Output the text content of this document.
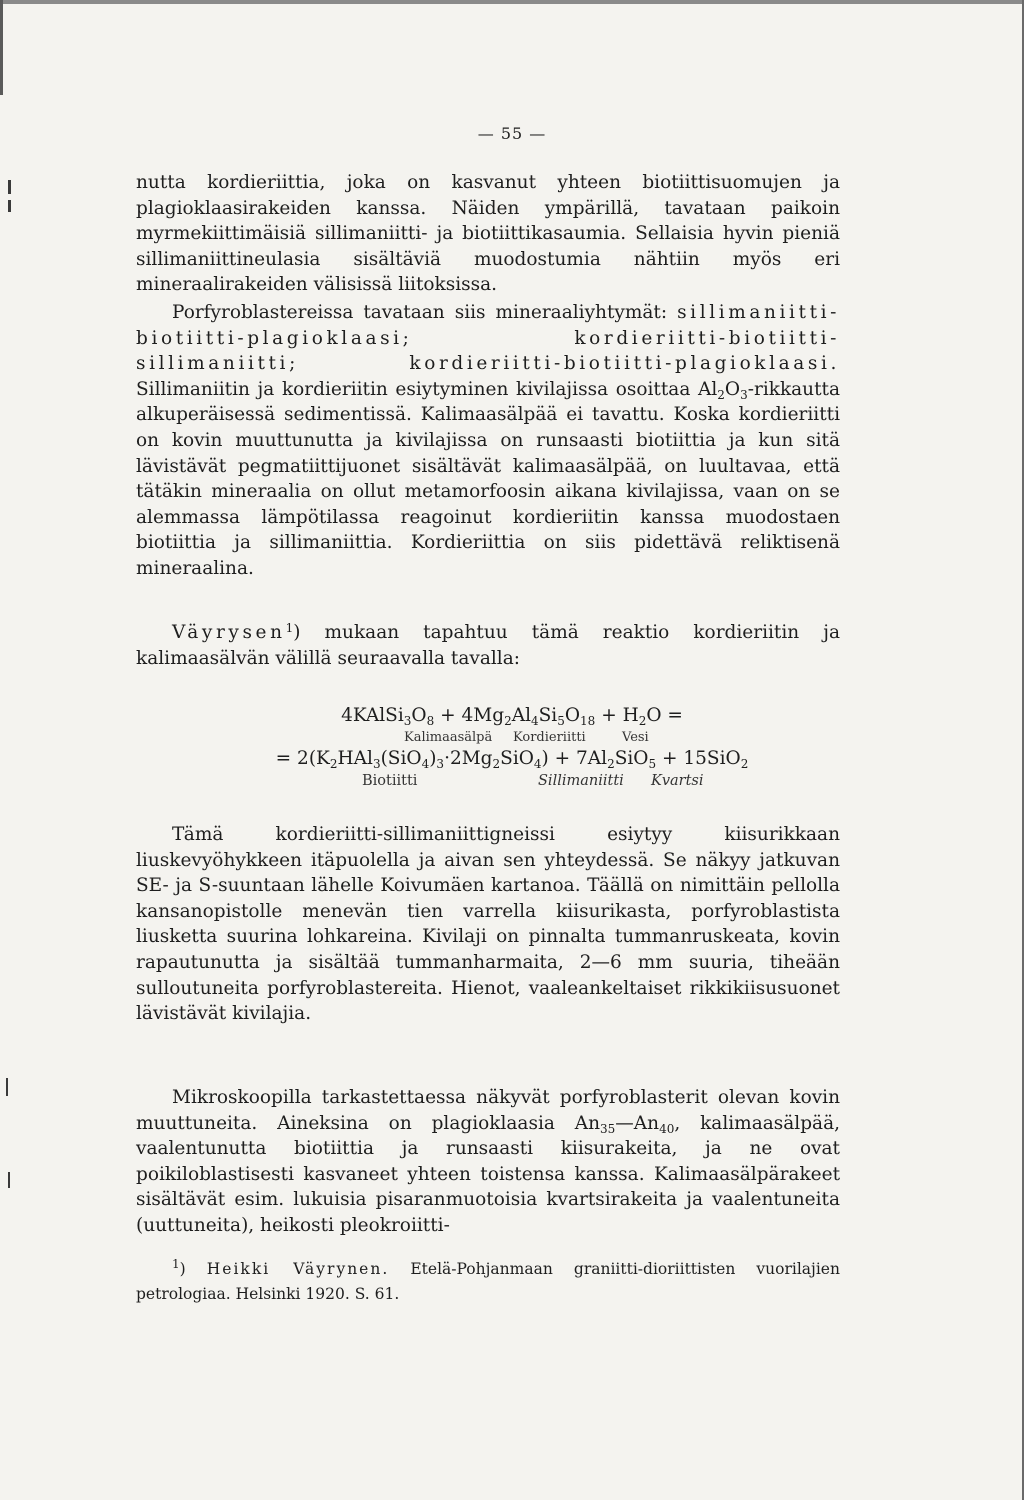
— 55 —

nutta kordieriittia, joka on kasvanut yhteen biotiittisuomujen ja plagioklaasirakeiden kanssa. Näiden ympärillä, tavataan paikoin myrmekiittimäisiä sillimaniitti- ja biotiittikasaumia. Sellaisia hyvin pieniä sillimaniittineulasia sisältäviä muodostumia nähtiin myös eri mineraalirakeiden välisissä liitoksissa.

Porfyroblastereissa tavataan siis mineraaliyhtymät: sillimaniitti-biotiitti-plagioklaasi; kordieriitti-biotiitti-sillimaniitti; kordieriitti-biotiitti-plagioklaasi. Sillimaniitin ja kordieriitin esiytyminen kivilajissa osoittaa $Al_2O_3$-rikkautta alkuperäisessä sedimentissä. Kalimaasälpää ei tavattu. Koska kordieriitti on kovin muuttunutta ja kivilajissa on runsaasti biotiittia ja kun sitä lävistävät pegmatiittijuonet sisältävät kalimaasälpää, on luultavaa, että tätäkin mineraalia on ollut metamorfoosin aikana kivilajissa, vaan on se alemmassa lämpötilassa reagoinut kordieriitin kanssa muodostaen biotiittia ja sillimaniittia. Kordieriittia on siis pidettävä reliktisenä mineraalina.

Väyrysen$^1$) mukaan tapahtuu tämä reaktio kordieriitin ja kalimaasälvän välillä seuraavalla tavalla:

$4KAlSi_3O_8 + 4Mg_2Al_4Si_5O_{18} + H_2O$ =
Kalimaasälpä Kordieriitti	Vesi
= $2(K_2HAl_3(SiO_4)_3\cdot 2Mg_2SiO_4) + 7Al_2SiO_5 + 15SiO_2$
Biotiitti	Sillimaniitti Kvartsi

Tämä kordieriitti-sillimaniittigneissi esiytyy kiisurikkaan liuskevyöhykkeen itäpuolella ja aivan sen yhteydessä. Se näkyy jatkuvan SE- ja S-suuntaan lähelle Koivumäen kartanoa. Täällä on nimittäin pellolla kansanopistolle menevän tien varrella kiisurikasta, porfyroblastista liusketta suurina lohkareina. Kivilaji on pinnalta tummanruskeata, kovin rapautunutta ja sisältää tummanharmaita, 2—6 mm suuria, tiheään sulloutuneita porfyroblastereita. Hienot, vaaleankeltaiset rikkikiisusuonet lävistävät kivilajia.

Mikroskoopilla tarkastettaessa näkyvät porfyroblasterit olevan kovin muuttuneita. Aineksina on plagioklaasia $An_{35}—An_{40}$, kalimaasälpää, vaalentunutta biotiittia ja runsaasti kiisurakeita, ja ne ovat poikiloblastisesti kasvaneet yhteen toistensa kanssa. Kalimaasälpärakeet sisältävät esim. lukuisia pisaranmuotoisia kvartsirakeita ja vaalentuneita (uuttuneita), heikosti pleokroiitti-

$^1$) Heikki Väyrynen. Etelä-Pohjanmaan graniitti-dioriittisten vuorilajien petrologiaa. Helsinki 1920. S. 61.
